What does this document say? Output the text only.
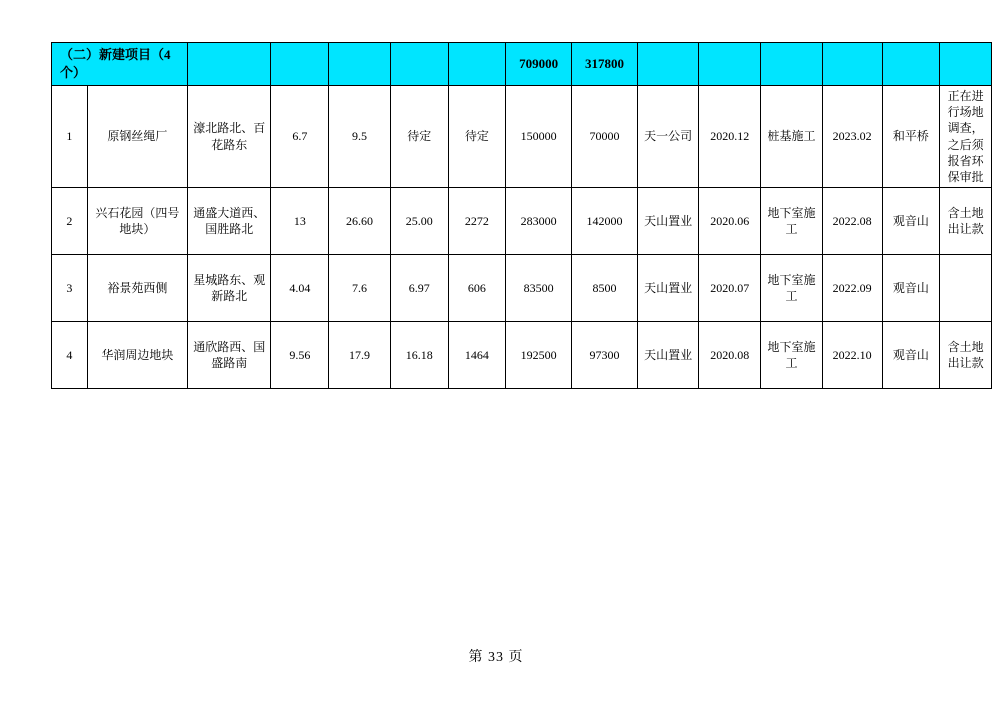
（二）新建项目（4个）							709000	317800						
1	原钢丝绳厂	濠北路北、百花路东	6.7	9.5	待定	待定	150000	70000	天一公司	2020.12	桩基施工	2023.02	和平桥	正在进行场地调查，之后须报省环保审批
2	兴石花园（四号地块）	通盛大道西、国胜路北	13	26.60	25.00	2272	283000	142000	天山置业	2020.06	地下室施工	2022.08	观音山	含土地出让款
3	裕景苑西侧	星城路东、观新路北	4.04	7.6	6.97	606	83500	8500	天山置业	2020.07	地下室施工	2022.09	观音山	
4	华润周边地块	通欣路西、国盛路南	9.56	17.9	16.18	1464	192500	97300	天山置业	2020.08	地下室施工	2022.10	观音山	含土地出让款
第 33 页
